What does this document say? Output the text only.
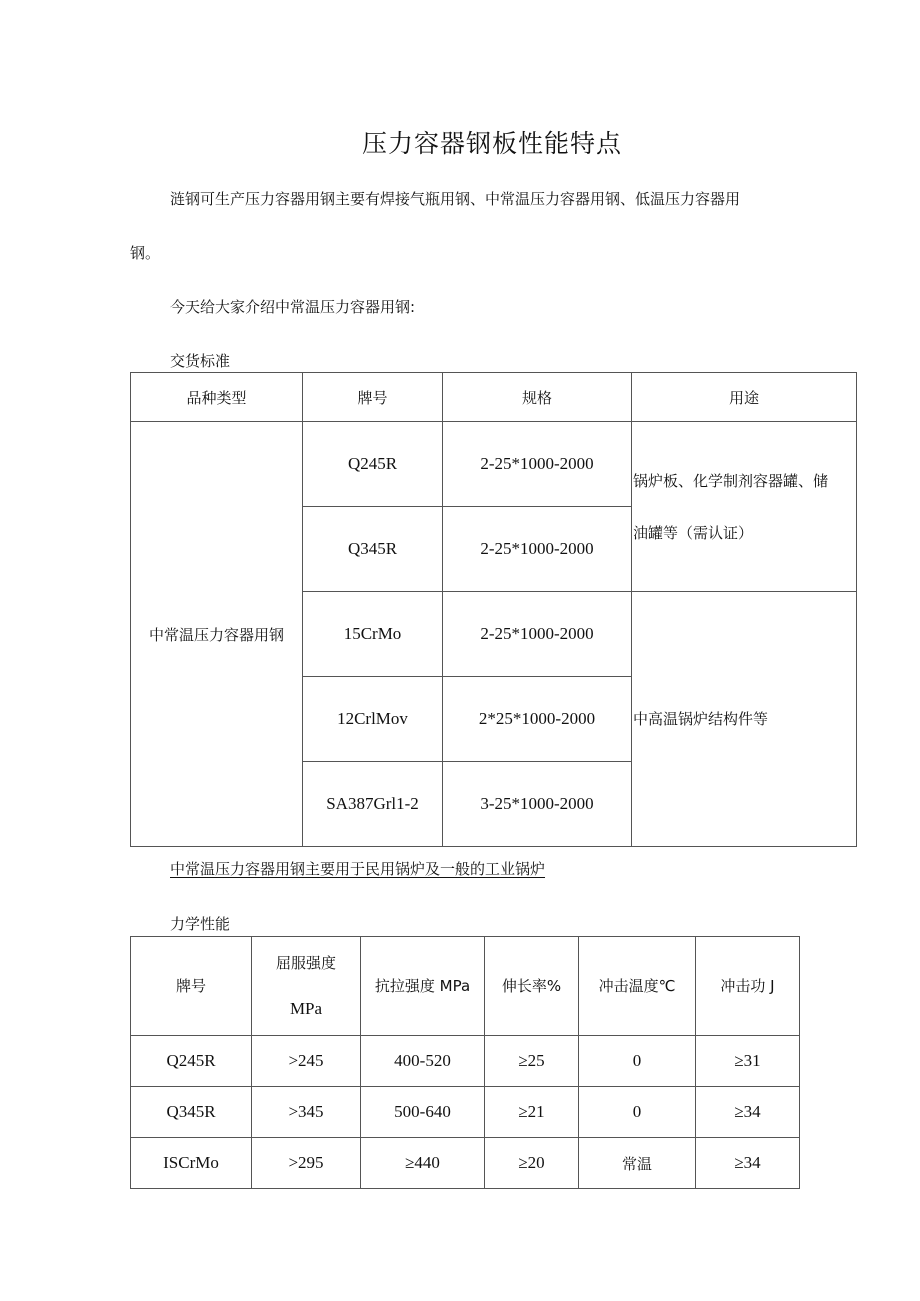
压力容器钢板性能特点

涟钢可生产压力容器用钢主要有焊接气瓶用钢、中常温压力容器用钢、低温压力容器用

钢。

今天给大家介绍中常温压力容器用钢:

交货标准

品种类型	牌号	规格	用途
中常温压力容器用钢	Q245R	2-25*1000-2000	锅炉板、化学制剂容器罐、储
油罐等（需认证）
	Q345R	2-25*1000-2000	
	15CrMo	2-25*1000-2000	中高温锅炉结构件等
	12CrlMov	2*25*1000-2000	
	SA387Grl1-2	3-25*1000-2000	

中常温压力容器用钢主要用于民用锅炉及一般的工业锅炉

力学性能

牌号	屈服强度
MPa	抗拉强度 MPa	伸长率%	冲击温度℃	冲击功 J
Q245R	>245	400-520	≥25	0	≥31
Q345R	>345	500-640	≥21	0	≥34
ISCrMo	>295	≥440	≥20	常温	≥34
